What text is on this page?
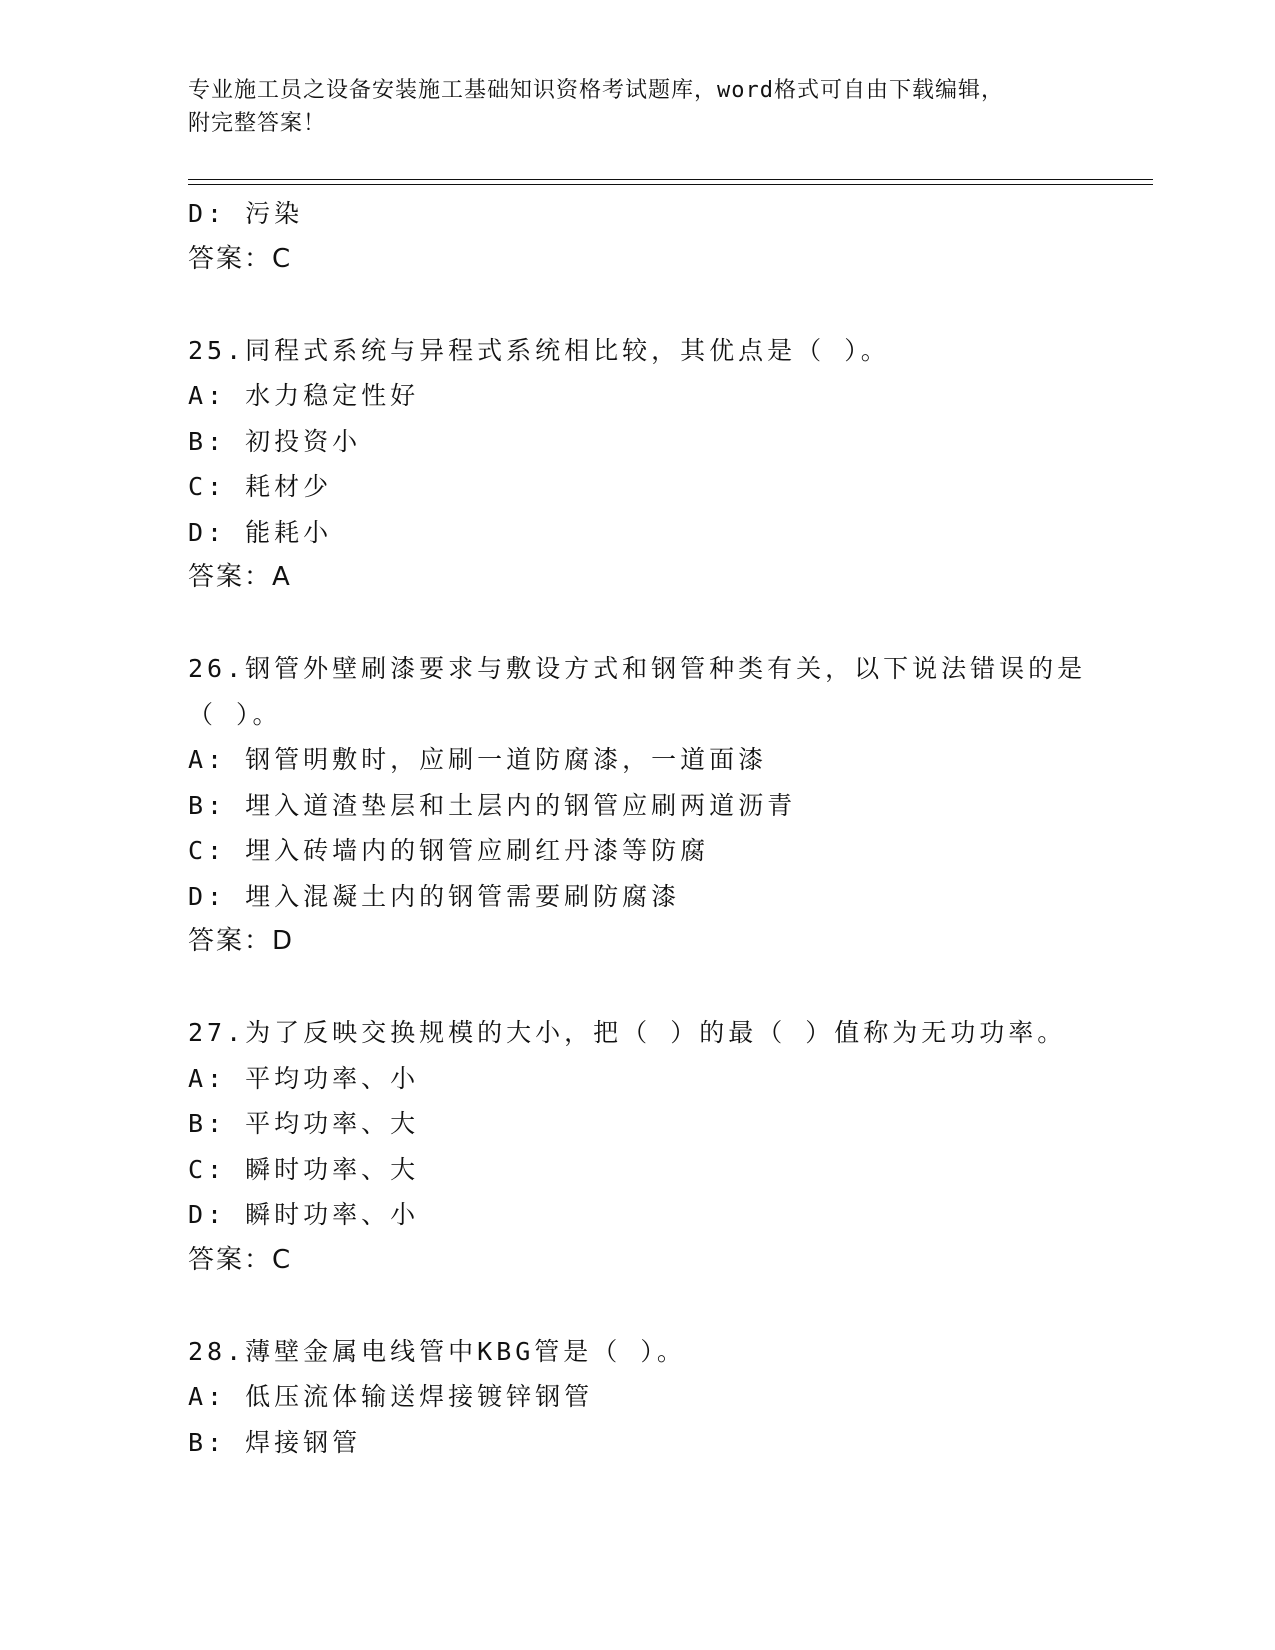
专业施工员之设备安装施工基础知识资格考试题库，word格式可自由下载编辑，
附完整答案！
D: 污染
答案：C
25.同程式系统与异程式系统相比较，其优点是（ ）。
A: 水力稳定性好
B: 初投资小
C: 耗材少
D: 能耗小
答案：A
26.钢管外壁刷漆要求与敷设方式和钢管种类有关，以下说法错误的是
（ ）。
A: 钢管明敷时，应刷一道防腐漆，一道面漆
B: 埋入道渣垫层和土层内的钢管应刷两道沥青
C: 埋入砖墙内的钢管应刷红丹漆等防腐
D: 埋入混凝土内的钢管需要刷防腐漆
答案：D
27.为了反映交换规模的大小，把（ ）的最（ ）值称为无功功率。
A: 平均功率、小
B: 平均功率、大
C: 瞬时功率、大
D: 瞬时功率、小
答案：C
28.薄壁金属电线管中KBG管是（ ）。
A: 低压流体输送焊接镀锌钢管
B: 焊接钢管
